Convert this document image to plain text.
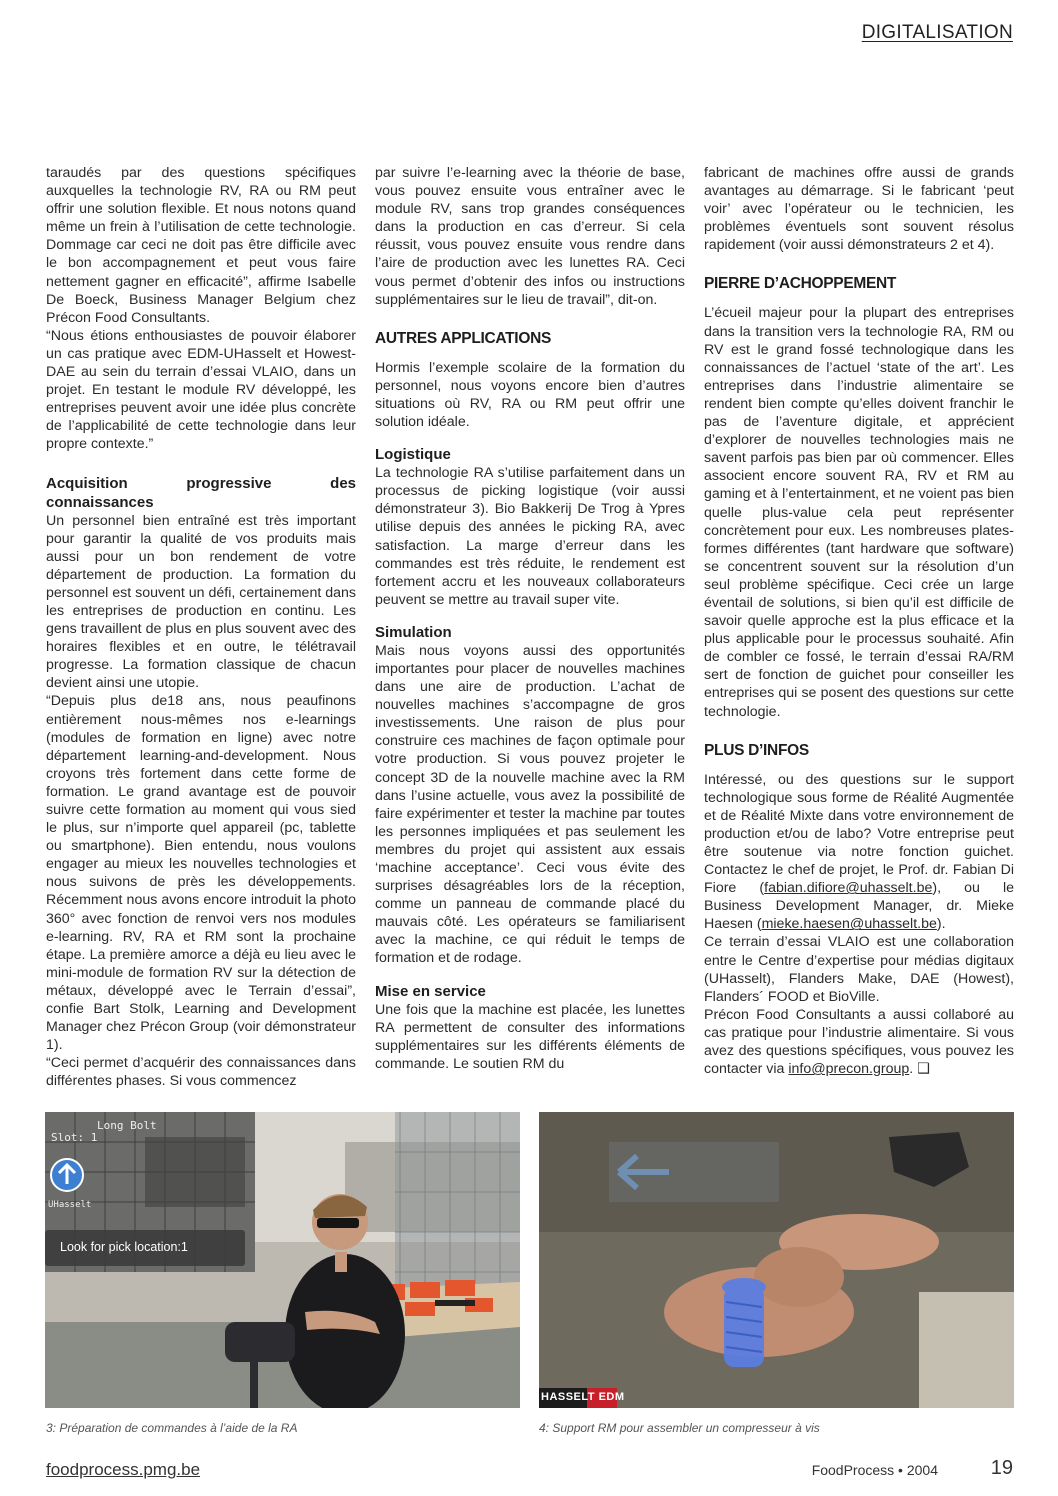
DIGITALISATION

taraudés par des questions spécifiques auxquelles la technologie RV, RA ou RM peut offrir une solution flexible. Et nous notons quand même un frein à l’utilisation de cette technologie. Dommage car ceci ne doit pas être difficile avec le bon accompagnement et peut vous faire nettement gagner en efficacité”, affirme Isabelle De Boeck, Business Manager Belgium chez Précon Food Consultants.

“Nous étions enthousiastes de pouvoir élaborer un cas pratique avec EDM-UHasselt et Howest-DAE au sein du terrain d’essai VLAIO, dans un projet. En testant le module RV développé, les entreprises peuvent avoir une idée plus concrète de l’applicabilité de cette technologie dans leur propre contexte.”

Acquisition progressive des connaissances

Un personnel bien entraîné est très important pour garantir la qualité de vos produits mais aussi pour un bon rendement de votre département de production. La formation du personnel est souvent un défi, certainement dans les entreprises de production en continu. Les gens travaillent de plus en plus souvent avec des horaires flexibles et en outre, le télétravail progresse. La formation classique de chacun devient ainsi une utopie.

“Depuis plus de18 ans, nous peaufinons entièrement nous-mêmes nos e-learnings (modules de formation en ligne) avec notre département learning-and-development. Nous croyons très fortement dans cette forme de formation. Le grand avantage est de pouvoir suivre cette formation au moment qui vous sied le plus, sur n’importe quel appareil (pc, tablette ou smartphone). Bien entendu, nous voulons engager au mieux les nouvelles technologies et nous suivons de près les développements. Récemment nous avons encore introduit la photo 360° avec fonction de renvoi vers nos modules e-learning. RV, RA et RM sont la prochaine étape. La première amorce a déjà eu lieu avec le mini-module de formation RV sur la détection de métaux, développé avec le Terrain d’essai”, confie Bart Stolk, Learning and Development Manager chez Précon Group (voir démonstrateur 1).

“Ceci permet d’acquérir des connaissances dans différentes phases. Si vous commencez

par suivre l’e-learning avec la théorie de base, vous pouvez ensuite vous entraîner avec le module RV, sans trop grandes conséquences dans la production en cas d’erreur. Si cela réussit, vous pouvez ensuite vous rendre dans l’aire de production avec les lunettes RA. Ceci vous permet d’obtenir des infos ou instructions supplémentaires sur le lieu de travail”, dit-on.

AUTRES APPLICATIONS

Hormis l’exemple scolaire de la formation du personnel, nous voyons encore bien d’autres situations où RV, RA ou RM peut offrir une solution idéale.

Logistique

La technologie RA s’utilise parfaitement dans un processus de picking logistique (voir aussi démonstrateur 3). Bio Bakkerij De Trog à Ypres utilise depuis des années le picking RA, avec satisfaction. La marge d’erreur dans les commandes est très réduite, le rendement est fortement accru et les nouveaux collaborateurs peuvent se mettre au travail super vite.

Simulation

Mais nous voyons aussi des opportunités importantes pour placer de nouvelles machines dans une aire de production. L’achat de nouvelles machines s’accompagne de gros investissements. Une raison de plus pour construire ces machines de façon optimale pour votre production. Si vous pouvez projeter le concept 3D de la nouvelle machine avec la RM dans l’usine actuelle, vous avez la possibilité de faire expérimenter et tester la machine par toutes les personnes impliquées et pas seulement les membres du projet qui assistent aux essais ‘machine acceptance’. Ceci vous évite des surprises désagréables lors de la réception, comme un panneau de commande placé du mauvais côté. Les opérateurs se familiarisent avec la machine, ce qui réduit le temps de formation et de rodage.

Mise en service

Une fois que la machine est placée, les lunettes RA permettent de consulter des informations supplémentaires sur les différents éléments de commande. Le soutien RM du

fabricant de machines offre aussi de grands avantages au démarrage. Si le fabricant ‘peut voir’ avec l’opérateur ou le technicien, les problèmes éventuels sont souvent résolus rapidement (voir aussi démonstrateurs 2 et 4).

PIERRE D’ACHOPPEMENT

L’écueil majeur pour la plupart des entreprises dans la transition vers la technologie RA, RM ou RV est le grand fossé technologique dans les connaissances de l’actuel ‘state of the art’. Les entreprises dans l’industrie alimentaire se rendent bien compte qu’elles doivent franchir le pas de l’aventure digitale, et apprécient d’explorer de nouvelles technologies mais ne savent parfois pas bien par où commencer. Elles associent encore souvent RA, RV et RM au gaming et à l’entertainment, et ne voient pas bien quelle plus-value cela peut représenter concrètement pour eux. Les nombreuses plates-formes différentes (tant hardware que software) se concentrent souvent sur la résolution d’un seul problème spécifique. Ceci crée un large éventail de solutions, si bien qu’il est difficile de savoir quelle approche est la plus efficace et la plus applicable pour le processus souhaité. Afin de combler ce fossé, le terrain d’essai RA/RM sert de fonction de guichet pour conseiller les entreprises qui se posent des questions sur cette technologie.

PLUS D’INFOS

Intéressé, ou des questions sur le support technologique sous forme de Réalité Augmentée et de Réalité Mixte dans votre environnement de production et/ou de labo? Votre entreprise peut être soutenue via notre fonction guichet. Contactez le chef de projet, le Prof. dr. Fabian Di Fiore (fabian.difiore@uhasselt.be), ou le Business Development Manager, dr. Mieke Haesen (mieke.haesen@uhasselt.be).

Ce terrain d’essai VLAIO est une collaboration entre le Centre d’expertise pour médias digitaux (UHasselt), Flanders Make, DAE (Howest), Flanders´ FOOD et BioVille.

Précon Food Consultants a aussi collaboré au cas pratique pour l’industrie alimentaire. Si vous avez des questions spécifiques, vous pouvez les contacter via info@precon.group. ❑

Long Bolt
Slot: 1
UHasselt
Look for pick location:1
HASSELT EDM
3: Préparation de commandes à l’aide de la RA	4: Support RM pour assembler un compresseur à vis
foodprocess.pmg.be	FoodProcess • 2004	19
